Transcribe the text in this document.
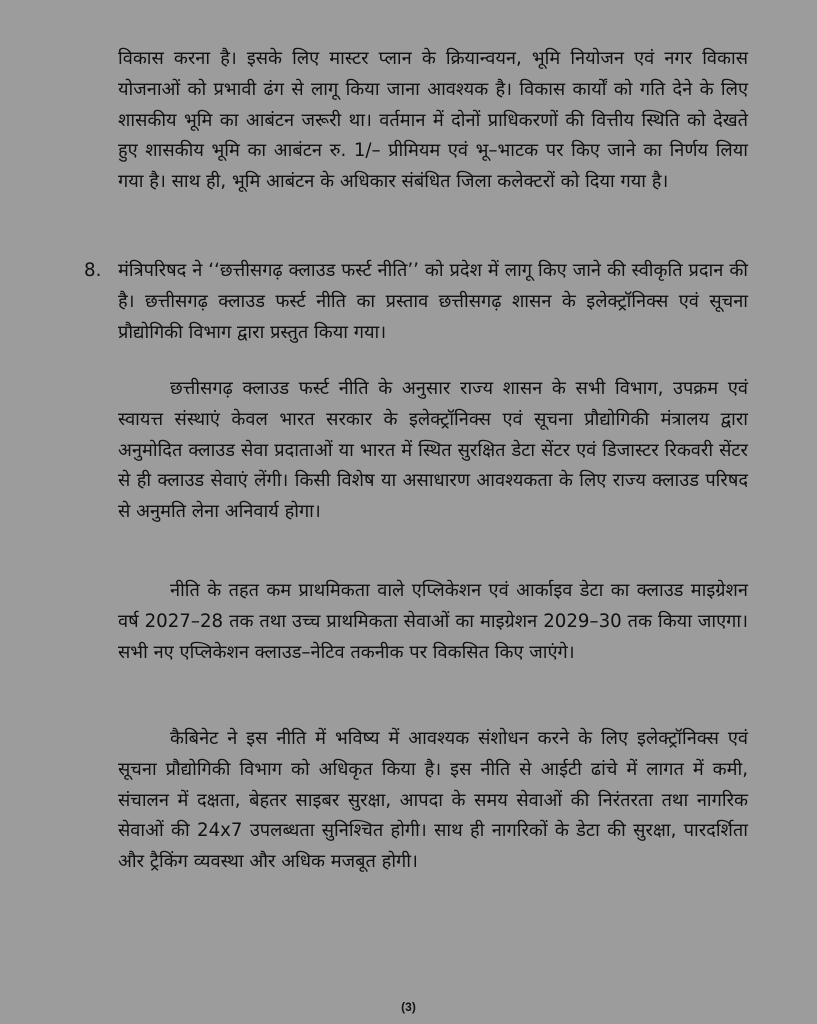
विकास करना है। इसके लिए मास्टर प्लान के क्रियान्वयन, भूमि नियोजन एवं नगर विकास योजनाओं को प्रभावी ढंग से लागू किया जाना आवश्यक है। विकास कार्यों को गति देने के लिए शासकीय भूमि का आबंटन जरूरी था। वर्तमान में दोनों प्राधिकरणों की वित्तीय स्थिति को देखते हुए शासकीय भूमि का आबंटन रु. 1/– प्रीमियम एवं भू–भाटक पर किए जाने का निर्णय लिया गया है। साथ ही, भूमि आबंटन के अधिकार संबंधित जिला कलेक्टरों को दिया गया है।

8. मंत्रिपरिषद ने ‘‘छत्तीसगढ़ क्लाउड फर्स्ट नीति’’ को प्रदेश में लागू किए जाने की स्वीकृति प्रदान की है। छत्तीसगढ़ क्लाउड फर्स्ट नीति का प्रस्ताव छत्तीसगढ़ शासन के इलेक्ट्रॉनिक्स एवं सूचना प्रौद्योगिकी विभाग द्वारा प्रस्तुत किया गया।

छत्तीसगढ़ क्लाउड फर्स्ट नीति के अनुसार राज्य शासन के सभी विभाग, उपक्रम एवं स्वायत्त संस्थाएं केवल भारत सरकार के इलेक्ट्रॉनिक्स एवं सूचना प्रौद्योगिकी मंत्रालय द्वारा अनुमोदित क्लाउड सेवा प्रदाताओं या भारत में स्थित सुरक्षित डेटा सेंटर एवं डिजास्टर रिकवरी सेंटर से ही क्लाउड सेवाएं लेंगी। किसी विशेष या असाधारण आवश्यकता के लिए राज्य क्लाउड परिषद से अनुमति लेना अनिवार्य होगा।

नीति के तहत कम प्राथमिकता वाले एप्लिकेशन एवं आर्काइव डेटा का क्लाउड माइग्रेशन वर्ष 2027–28 तक तथा उच्च प्राथमिकता सेवाओं का माइग्रेशन 2029–30 तक किया जाएगा। सभी नए एप्लिकेशन क्लाउड–नेटिव तकनीक पर विकसित किए जाएंगे।

कैबिनेट ने इस नीति में भविष्य में आवश्यक संशोधन करने के लिए इलेक्ट्रॉनिक्स एवं सूचना प्रौद्योगिकी विभाग को अधिकृत किया है। इस नीति से आईटी ढांचे में लागत में कमी, संचालन में दक्षता, बेहतर साइबर सुरक्षा, आपदा के समय सेवाओं की निरंतरता तथा नागरिक सेवाओं की 24x7 उपलब्धता सुनिश्चित होगी। साथ ही नागरिकों के डेटा की सुरक्षा, पारदर्शिता और ट्रैकिंग व्यवस्था और अधिक मजबूत होगी।

(3)
